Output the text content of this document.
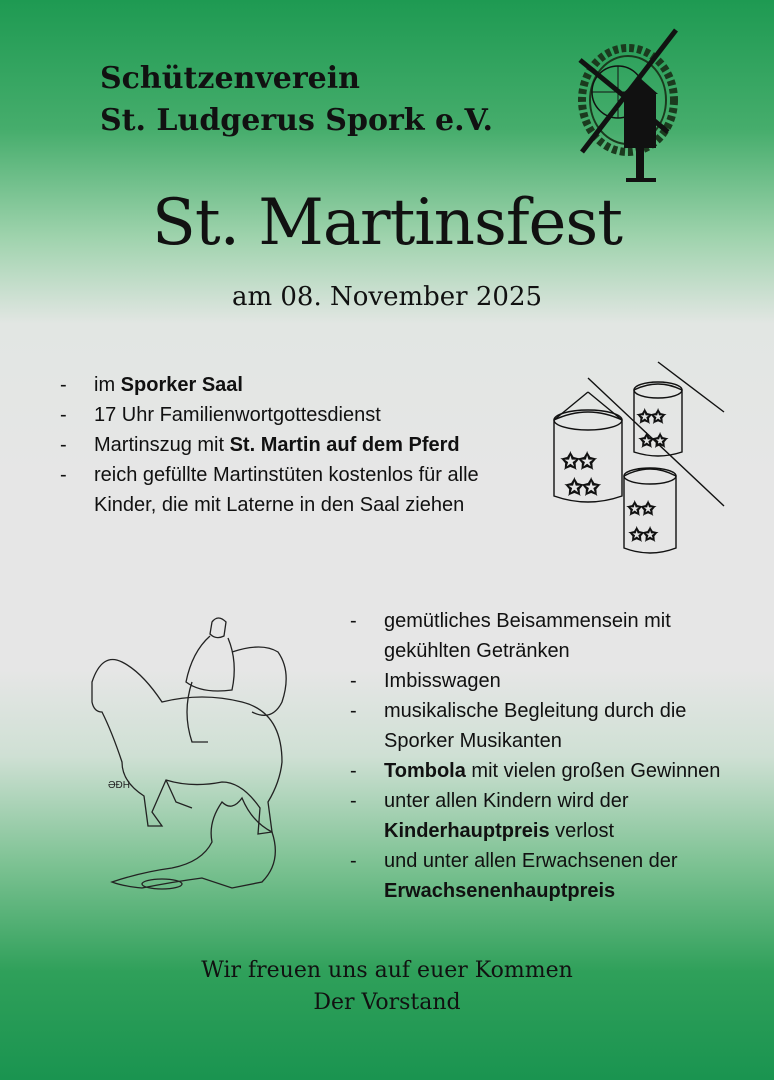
Schützenverein
St. Ludgerus Spork e.V.
St. Martinsfest
am 08. November 2025
- im Sporker Saal
- 17 Uhr Familienwortgottesdienst
- Martinszug mit St. Martin auf dem Pferd
- reich gefüllte Martinstüten kostenlos für alle Kinder, die mit Laterne in den Saal ziehen
✩✩
✩✩
✩✩
✩✩
✩✩
✩✩
ƏÐH
- gemütliches Beisammensein mit gekühlten Getränken
- Imbisswagen
- musikalische Begleitung durch die Sporker Musikanten
- Tombola mit vielen großen Gewinnen
- unter allen Kindern wird der Kinderhauptpreis verlost
- und unter allen Erwachsenen der Erwachsenenhauptpreis
Wir freuen uns auf euer Kommen
Der Vorstand
